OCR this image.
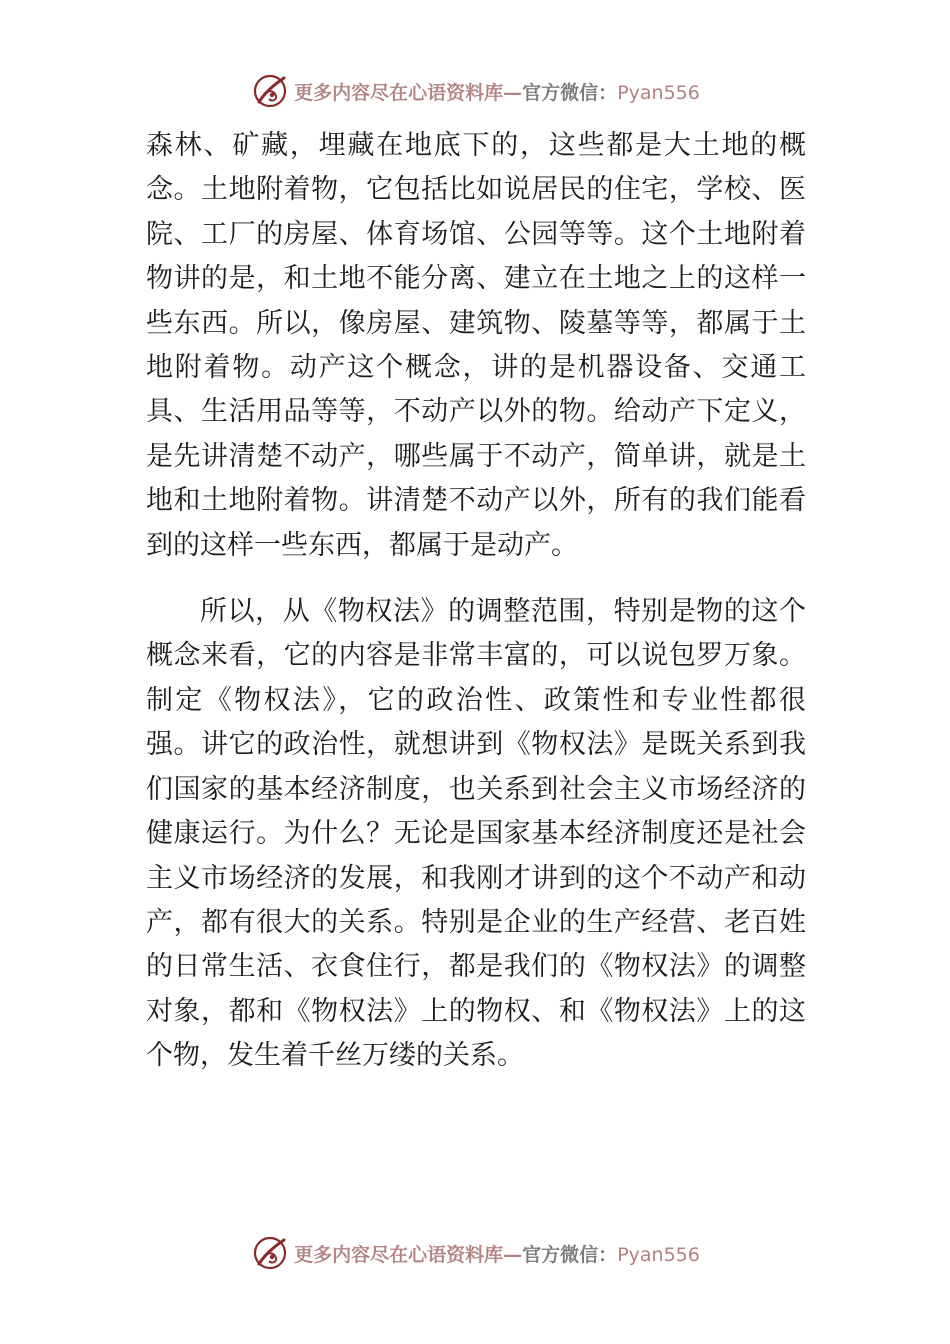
更多内容尽在心语资料库—官方微信：Pyan556

森林、矿藏，埋藏在地底下的，这些都是大土地的概念。土地附着物，它包括比如说居民的住宅，学校、医院、工厂的房屋、体育场馆、公园等等。这个土地附着物讲的是，和土地不能分离、建立在土地之上的这样一些东西。所以，像房屋、建筑物、陵墓等等，都属于土地附着物。动产这个概念，讲的是机器设备、交通工具、生活用品等等，不动产以外的物。给动产下定义，是先讲清楚不动产，哪些属于不动产，简单讲，就是土地和土地附着物。讲清楚不动产以外，所有的我们能看到的这样一些东西，都属于是动产。

所以，从《物权法》的调整范围，特别是物的这个概念来看，它的内容是非常丰富的，可以说包罗万象。制定《物权法》，它的政治性、政策性和专业性都很强。讲它的政治性，就想讲到《物权法》是既关系到我们国家的基本经济制度，也关系到社会主义市场经济的健康运行。为什么？无论是国家基本经济制度还是社会主义市场经济的发展，和我刚才讲到的这个不动产和动产，都有很大的关系。特别是企业的生产经营、老百姓的日常生活、衣食住行，都是我们的《物权法》的调整对象，都和《物权法》上的物权、和《物权法》上的这个物，发生着千丝万缕的关系。

更多内容尽在心语资料库—官方微信：Pyan556
